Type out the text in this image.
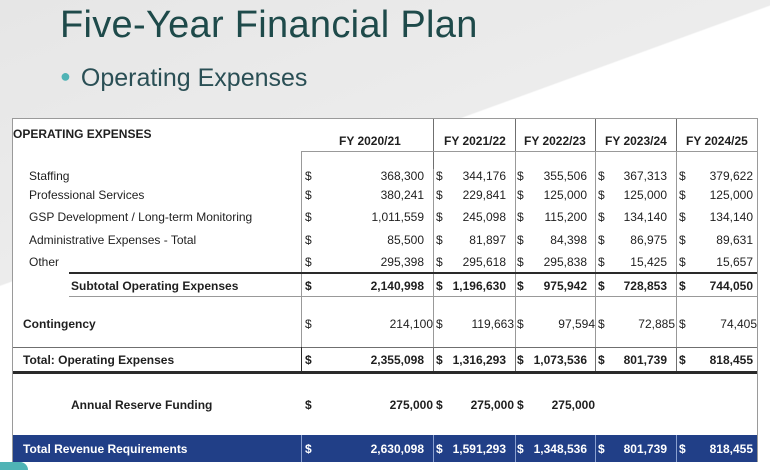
Five-Year Financial Plan
● Operating Expenses
OPERATING EXPENSES	FY 2020/21	FY 2021/22 FY 2022/23 FY 2023/24 FY 2024/25
Staffing	$	368,300 $ 344,176 $ 355,506 $ 367,313 $ 379,622
Professional Services	$	380,241 $ 229,841 $ 125,000 $ 125,000 $ 125,000
GSP Development / Long-term Monitoring	$	1,011,559 $ 245,098 $ 115,200 $ 134,140 $ 134,140
Administrative Expenses - Total	$	85,500 $ 81,897 $ 84,398 $ 86,975 $	89,631
Other	$	295,398 $ 295,618 $ 295,838 $ 15,425 $	15,657
Subtotal Operating Expenses	$	2,140,998 $ 1,196,630 $ 975,942 $ 728,853 $ 744,050
Contingency	$	214,100 $ 119,663 $	97,594 $	72,885 $	74,405
Total: Operating Expenses	$	2,355,098 $ 1,316,293 $ 1,073,536 $ 801,739 $ 818,455
Annual Reserve Funding	$	275,000 $ 275,000 $ 275,000
Total Revenue Requirements	$	2,630,098 $ 1,591,293 $ 1,348,536 $ 801,739 $ 818,455
